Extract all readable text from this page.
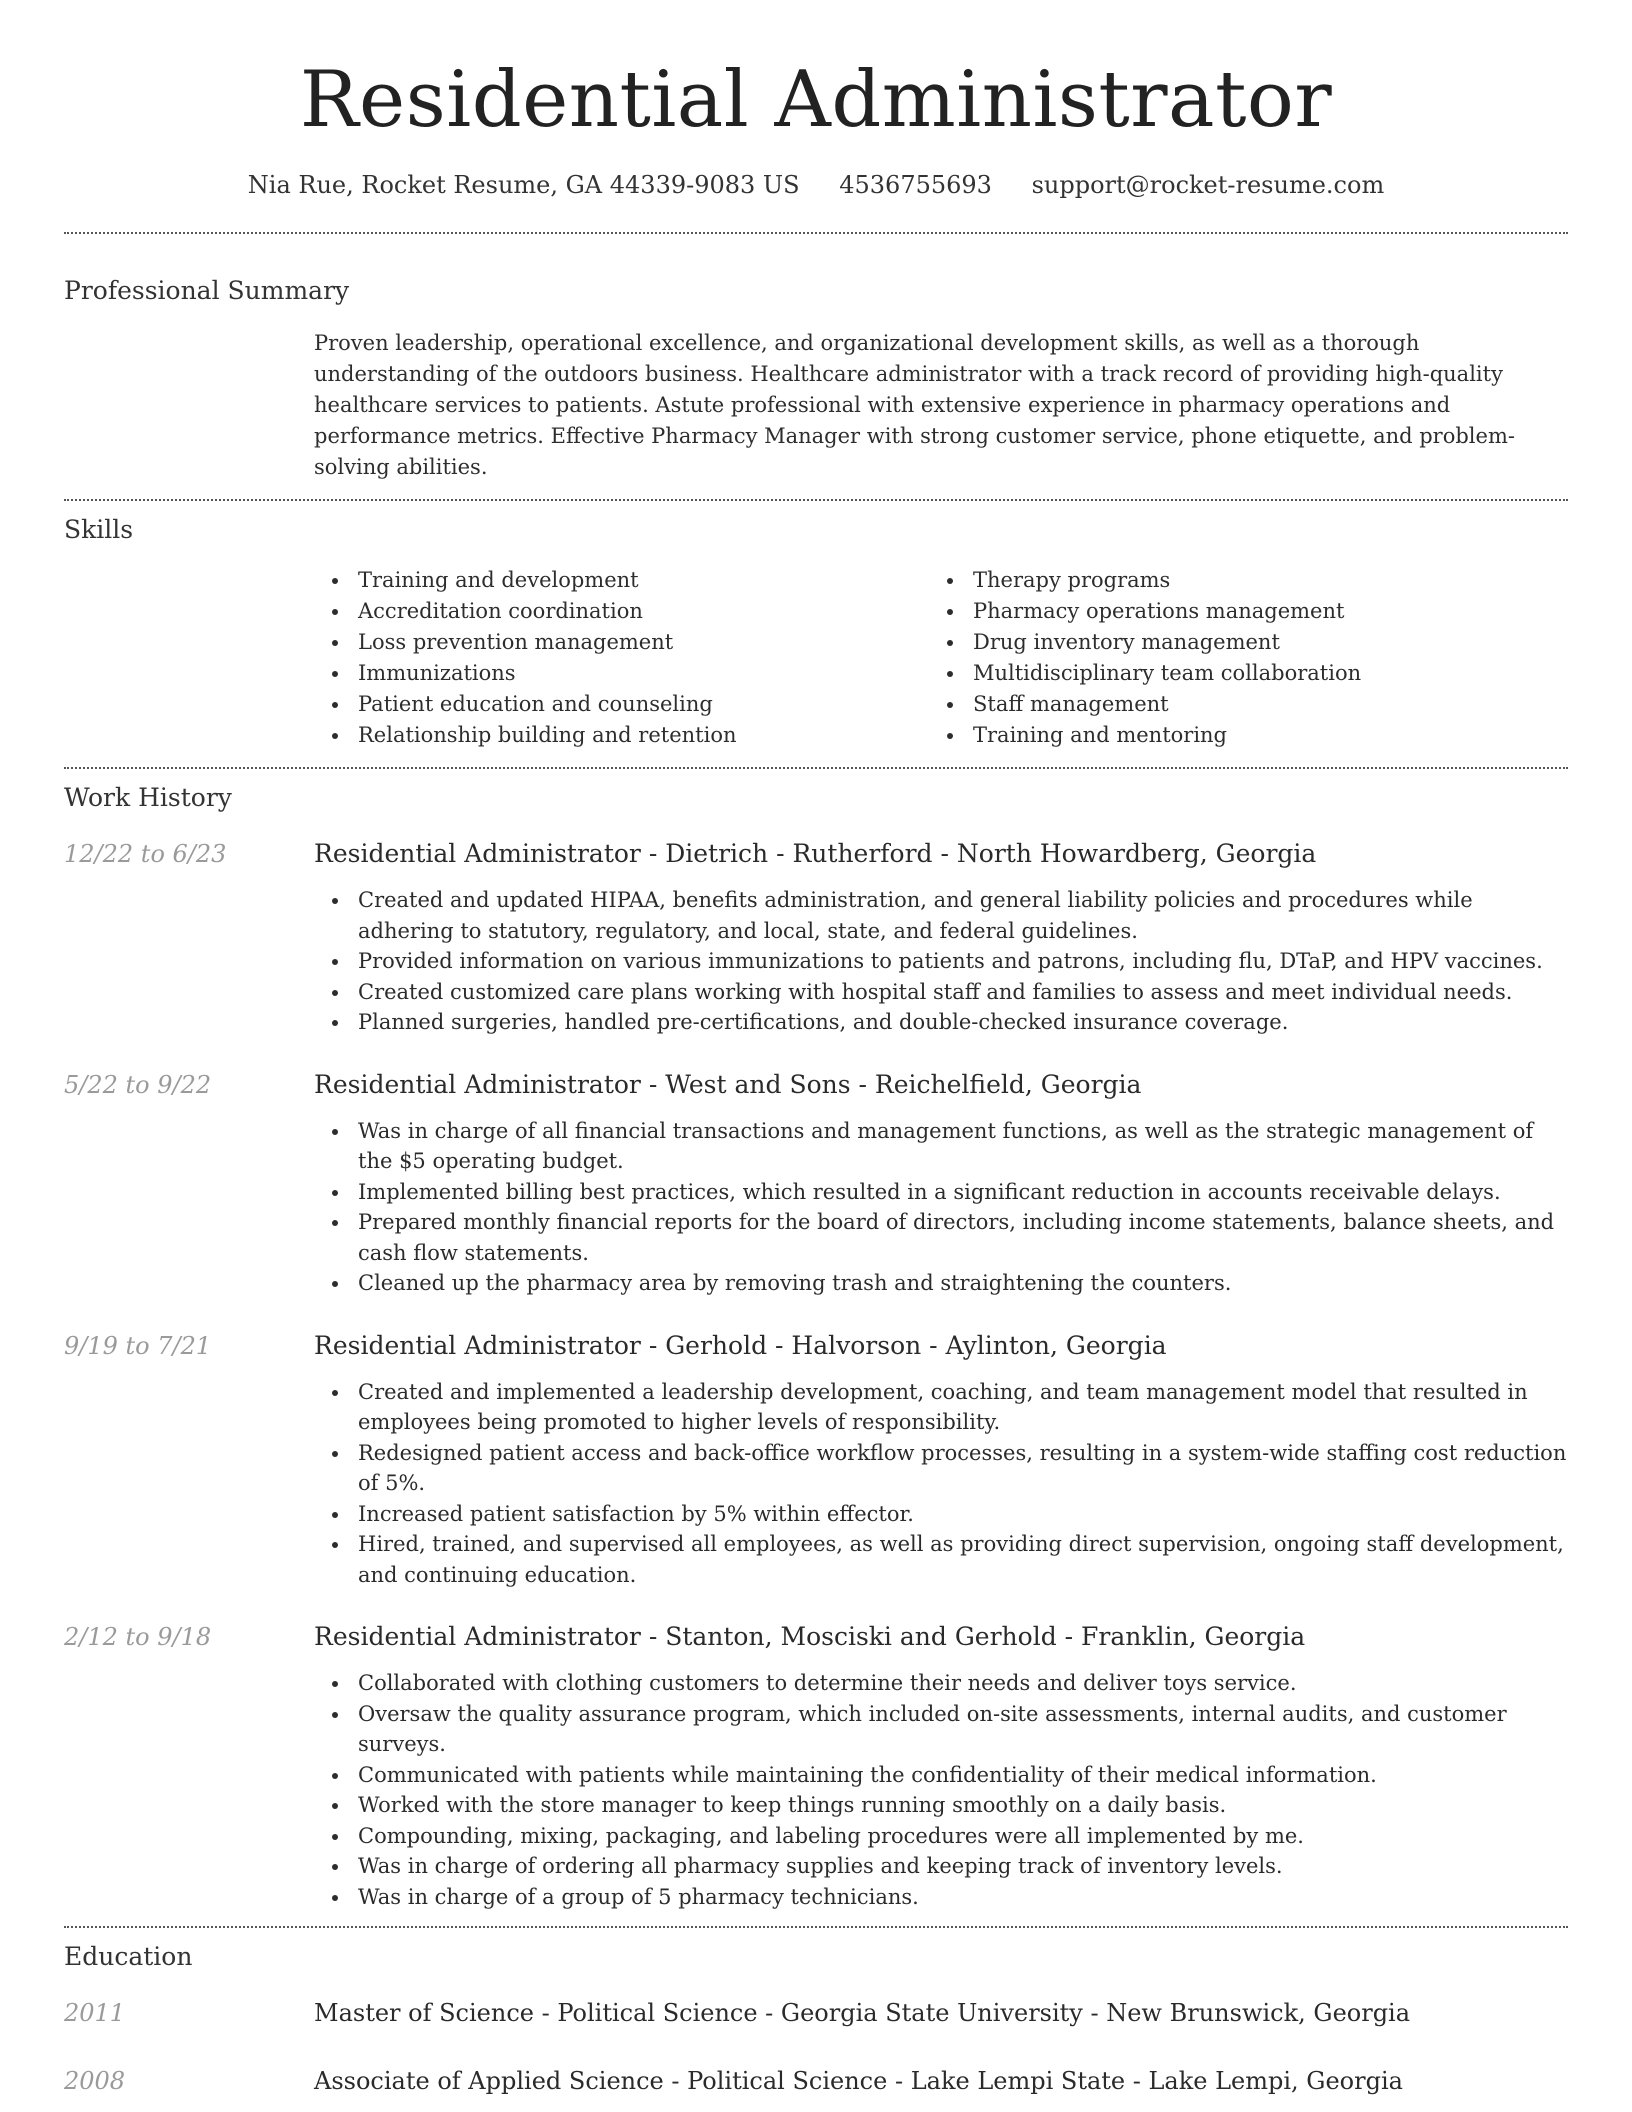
Residential Administrator
Nia Rue, Rocket Resume, GA 44339-9083 US 4536755693 support@rocket-resume.com
Professional Summary
Proven leadership, operational excellence, and organizational development skills, as well as a thorough understanding of the outdoors business. Healthcare administrator with a track record of providing high-quality healthcare services to patients. Astute professional with extensive experience in pharmacy operations and performance metrics. Effective Pharmacy Manager with strong customer service, phone etiquette, and problem-solving abilities.
Skills
Training and development
Accreditation coordination
Loss prevention management
Immunizations
Patient education and counseling
Relationship building and retention
Therapy programs
Pharmacy operations management
Drug inventory management
Multidisciplinary team collaboration
Staff management
Training and mentoring
Work History
12/22 to 6/23	Residential Administrator - Dietrich - Rutherford - North Howardberg, Georgia
Created and updated HIPAA, benefits administration, and general liability policies and procedures while adhering to statutory, regulatory, and local, state, and federal guidelines.
Provided information on various immunizations to patients and patrons, including flu, DTaP, and HPV vaccines.
Created customized care plans working with hospital staff and families to assess and meet individual needs.
Planned surgeries, handled pre-certifications, and double-checked insurance coverage.
5/22 to 9/22	Residential Administrator - West and Sons - Reichelfield, Georgia
Was in charge of all financial transactions and management functions, as well as the strategic management of the $5 operating budget.
Implemented billing best practices, which resulted in a significant reduction in accounts receivable delays.
Prepared monthly financial reports for the board of directors, including income statements, balance sheets, and cash flow statements.
Cleaned up the pharmacy area by removing trash and straightening the counters.
9/19 to 7/21	Residential Administrator - Gerhold - Halvorson - Aylinton, Georgia
Created and implemented a leadership development, coaching, and team management model that resulted in employees being promoted to higher levels of responsibility.
Redesigned patient access and back-office workflow processes, resulting in a system-wide staffing cost reduction of 5%.
Increased patient satisfaction by 5% within effector.
Hired, trained, and supervised all employees, as well as providing direct supervision, ongoing staff development, and continuing education.
2/12 to 9/18	Residential Administrator - Stanton, Mosciski and Gerhold - Franklin, Georgia
Collaborated with clothing customers to determine their needs and deliver toys service.
Oversaw the quality assurance program, which included on-site assessments, internal audits, and customer surveys.
Communicated with patients while maintaining the confidentiality of their medical information.
Worked with the store manager to keep things running smoothly on a daily basis.
Compounding, mixing, packaging, and labeling procedures were all implemented by me.
Was in charge of ordering all pharmacy supplies and keeping track of inventory levels.
Was in charge of a group of 5 pharmacy technicians.
Education
2011	Master of Science - Political Science - Georgia State University - New Brunswick, Georgia
2008	Associate of Applied Science - Political Science - Lake Lempi State - Lake Lempi, Georgia
